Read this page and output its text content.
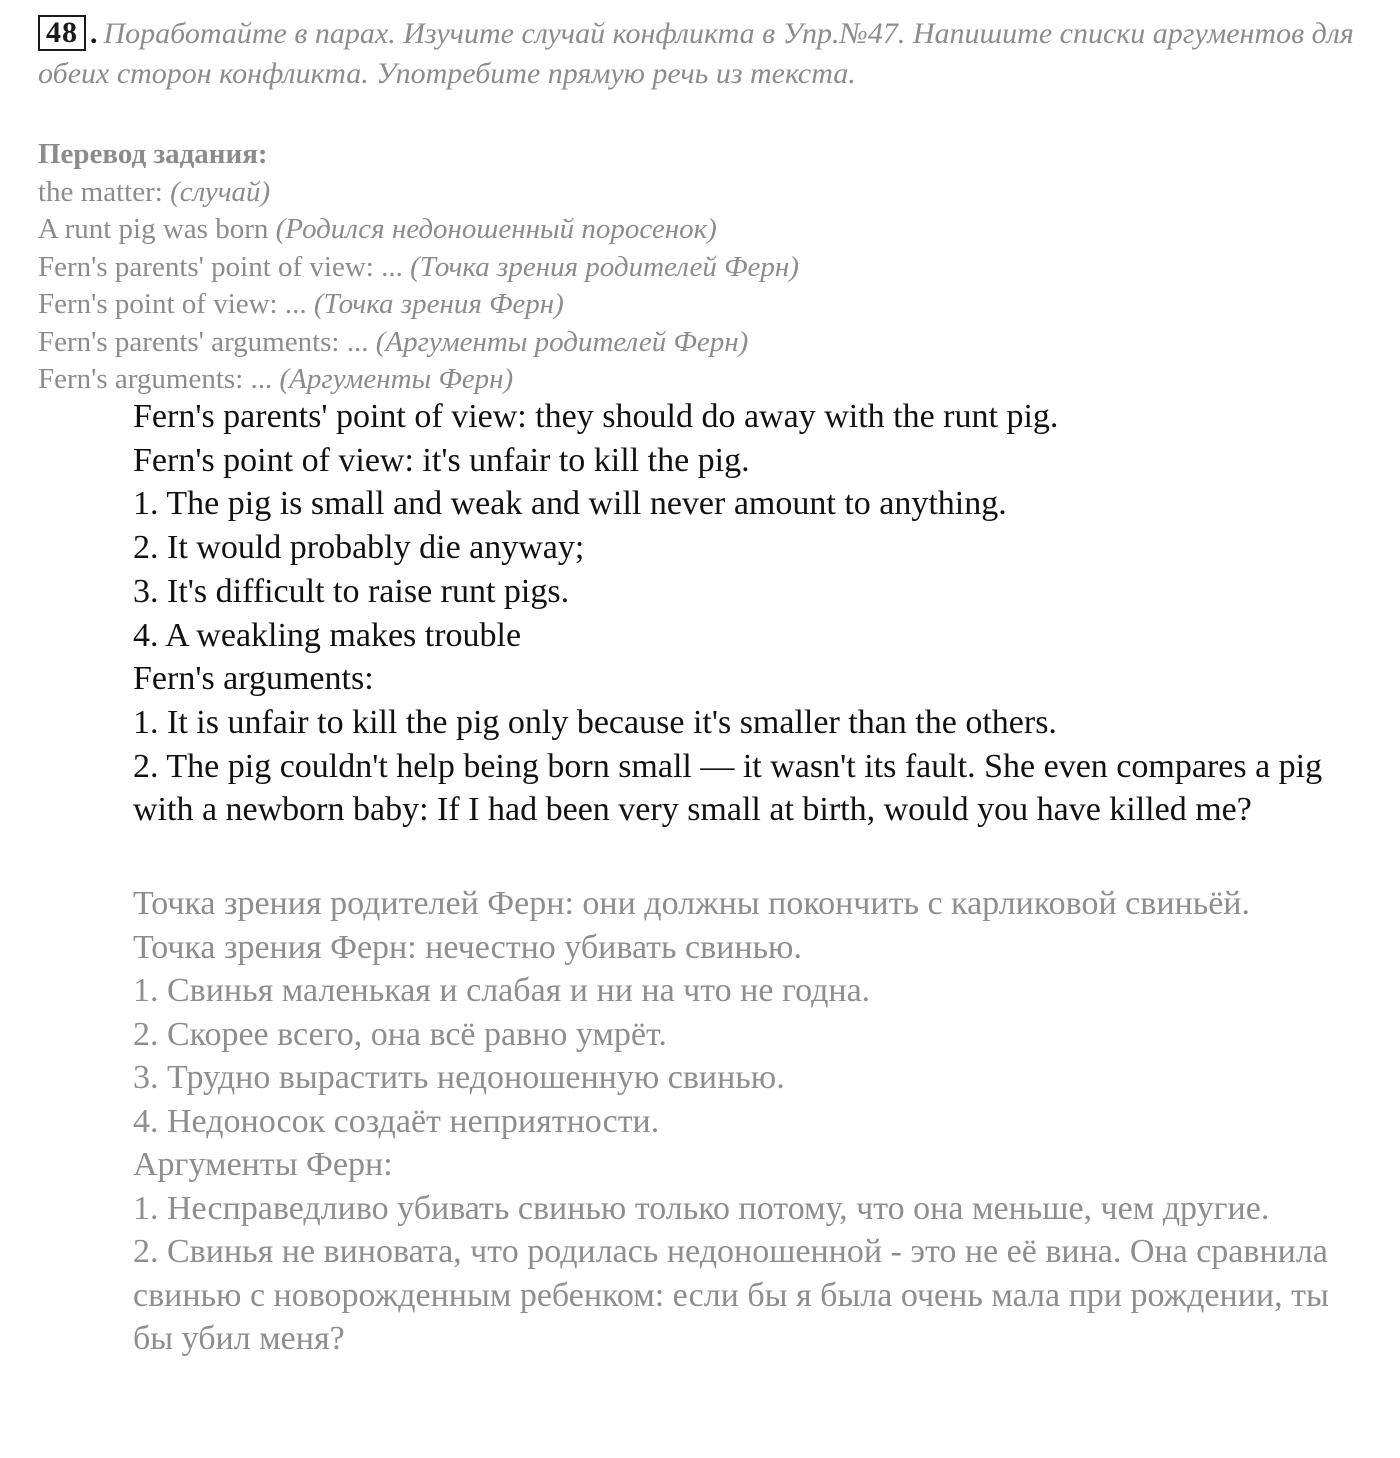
48 . Поработайте в парах. Изучите случай конфликта в Упр.№47. Напишите списки аргументов для обеих сторон конфликта. Употребите прямую речь из текста.
Перевод задания:
the matter: (случай)
A runt pig was born (Родился недоношенный поросенок)
Fern's parents' point of view: ... (Точка зрения родителей Ферн)
Fern's point of view: ... (Точка зрения Ферн)
Fern's parents' arguments: ... (Аргументы родителей Ферн)
Fern's arguments: ... (Аргументы Ферн)
Fern's parents' point of view: they should do away with the runt pig.
Fern's point of view: it's unfair to kill the pig.
1. The pig is small and weak and will never amount to anything.
2. It would probably die anyway;
3. It's difficult to raise runt pigs.
4. A weakling makes trouble
Fern's arguments:
1. It is unfair to kill the pig only because it's smaller than the others.
2. The pig couldn't help being born small — it wasn't its fault. She even compares a pig with a newborn baby: If I had been very small at birth, would you have killed me?
Точка зрения родителей Ферн: они должны покончить с карликовой свиньёй.
Точка зрения Ферн: нечестно убивать свинью.
1. Свинья маленькая и слабая и ни на что не годна.
2. Скорее всего, она всё равно умрёт.
3. Трудно вырастить недоношенную свинью.
4. Недоносок создаёт неприятности.
Аргументы Ферн:
1. Несправедливо убивать свинью только потому, что она меньше, чем другие.
2. Свинья не виновата, что родилась недоношенной - это не её вина. Она сравнила свинью с новорожденным ребенком: если бы я была очень мала при рождении, ты бы убил меня?
